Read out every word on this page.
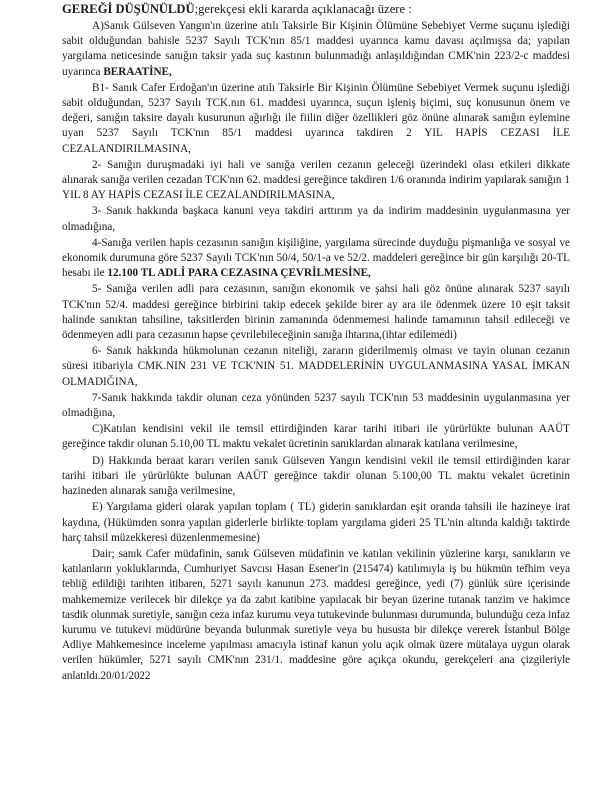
GEREĞİ DÜŞÜNÜLDÜ;gerekçesi ekli kararda açıklanacağı üzere :

A)Sanık Gülseven Yangın'ın üzerine atılı Taksirle Bir Kişinin Ölümüne Sebebiyet Verme suçunu işlediği sabit olduğundan bahisle 5237 Sayılı TCK'nın 85/1 maddesi uyarınca kamu davası açılmışsa da; yapılan yargılama neticesinde sanığın taksir yada suç kastının bulunmadığı anlaşıldığından CMK'nin 223/2-c maddesi uyarınca BERAATİNE,

B1- Sanık Cafer Erdoğan'ın üzerine atılı Taksirle Bir Kişinin Ölümüne Sebebiyet Vermek suçunu işlediği sabit olduğundan, 5237 Sayılı TCK.nın 61. maddesi uyarınca, suçun işleniş biçimi, suç konusunun önem ve değeri, sanığın taksire dayalı kusurunun ağırlığı ile fiilin diğer özellikleri göz önüne alınarak sanığın eylemine uyan 5237 Sayılı TCK'nın 85/1 maddesi uyarınca takdiren 2 YIL HAPİS CEZASI İLE CEZALANDIRILMASINA,

2- Sanığın duruşmadaki iyi hali ve sanığa verilen cezanın geleceği üzerindeki olası etkileri dikkate alınarak sanığa verilen cezadan TCK'nın 62. maddesi gereğince takdiren 1/6 oranında indirim yapılarak sanığın 1 YIL 8 AY HAPİS CEZASI İLE CEZALANDIRILMASINA,

3- Sanık hakkında başkaca kanuni veya takdiri arttırım ya da indirim maddesinin uygulanmasına yer olmadığına,

4-Sanığa verilen hapis cezasının sanığın kişiliğine, yargılama sürecinde duyduğu pişmanlığa ve sosyal ve ekonomik durumuna göre 5237 Sayılı TCK'nın 50/4, 50/1-a ve 52/2. maddeleri gereğince bir gün karşılığı 20-TL hesabı ile 12.100 TL ADLİ PARA CEZASINA ÇEVRİLMESİNE,

5- Sanığa verilen adli para cezasının, sanığın ekonomik ve şahsi hali göz önüne alınarak 5237 sayılı TCK'nın 52/4. maddesi gereğince birbirini takip edecek şekilde birer ay ara ile ödenmek üzere 10 eşit taksit halinde sanıktan tahsiline, taksitlerden birinin zamanında ödenmemesi halinde tamamının tahsil edileceği ve ödenmeyen adli para cezasının hapse çevrilebileceğinin sanığa ihtarına,(ihtar edilemedi)

6- Sanık hakkında hükmolunan cezanın niteliği, zararın giderilmemiş olması ve tayin olunan cezanın süresi itibariyla CMK.NIN 231 VE TCK'NIN 51. MADDELERİNİN UYGULANMASINA YASAL İMKAN OLMADIĞINA,

7-Sanık hakkında takdir olunan ceza yönünden 5237 sayılı TCK'nın 53 maddesinin uygulanmasına yer olmadığına,

C)Katılan kendisini vekil ile temsil ettirdiğinden karar tarihi itibari ile yürürlükte bulunan AAÜT gereğince takdir olunan 5.10,00 TL maktu vekalet ücretinin sanıklardan alınarak katılana verilmesine,

D) Hakkında beraat kararı verilen sanık Gülseven Yangın kendisini vekil ile temsil ettirdiğinden karar tarihi itibari ile yürürlükte bulunan AAÜT gereğince takdir olunan 5.100,00 TL maktu vekalet ücretinin hazineden alınarak sanığa verilmesine,

E) Yargılama gideri olarak yapılan toplam ( TL) giderin sanıklardan eşit oranda tahsili ile hazineye irat kaydına, (Hükümden sonra yapılan giderlerle birlikte toplam yargılama gideri 25 TL'nin altında kaldığı taktirde harç tahsil müzekkeresi düzenlenmemesine)

Dair; sanık Cafer müdafinin, sanık Gülseven müdafinin ve katılan vekilinin yüzlerine karşı, sanıkların ve katılanların yokluklarında, Cumhuriyet Savcısı Hasan Esener'in (215474) katılımıyla iş bu hükmün tefhim veya tebliğ edildiği tarihten itibaren, 5271 sayılı kanunun 273. maddesi gereğince, yedi (7) günlük süre içerisinde mahkememize verilecek bir dilekçe ya da zabıt katibine yapılacak bir beyan üzerine tutanak tanzim ve hakimce tasdik olunmak suretiyle, sanığın ceza infaz kurumu veya tutukevinde bulunması durumunda, bulunduğu ceza infaz kurumu ve tutukevi müdürüne beyanda bulunmak suretiyle veya bu hususta bir dilekçe vererek İstanbul Bölge Adliye Mahkemesince inceleme yapılması amacıyla istinaf kanun yolu açık olmak üzere mütalaya uygun olarak verilen hükümler, 5271 sayılı CMK'nın 231/1. maddesine göre açıkça okundu, gerekçeleri ana çizgileriyle anlatıldı.20/01/2022
